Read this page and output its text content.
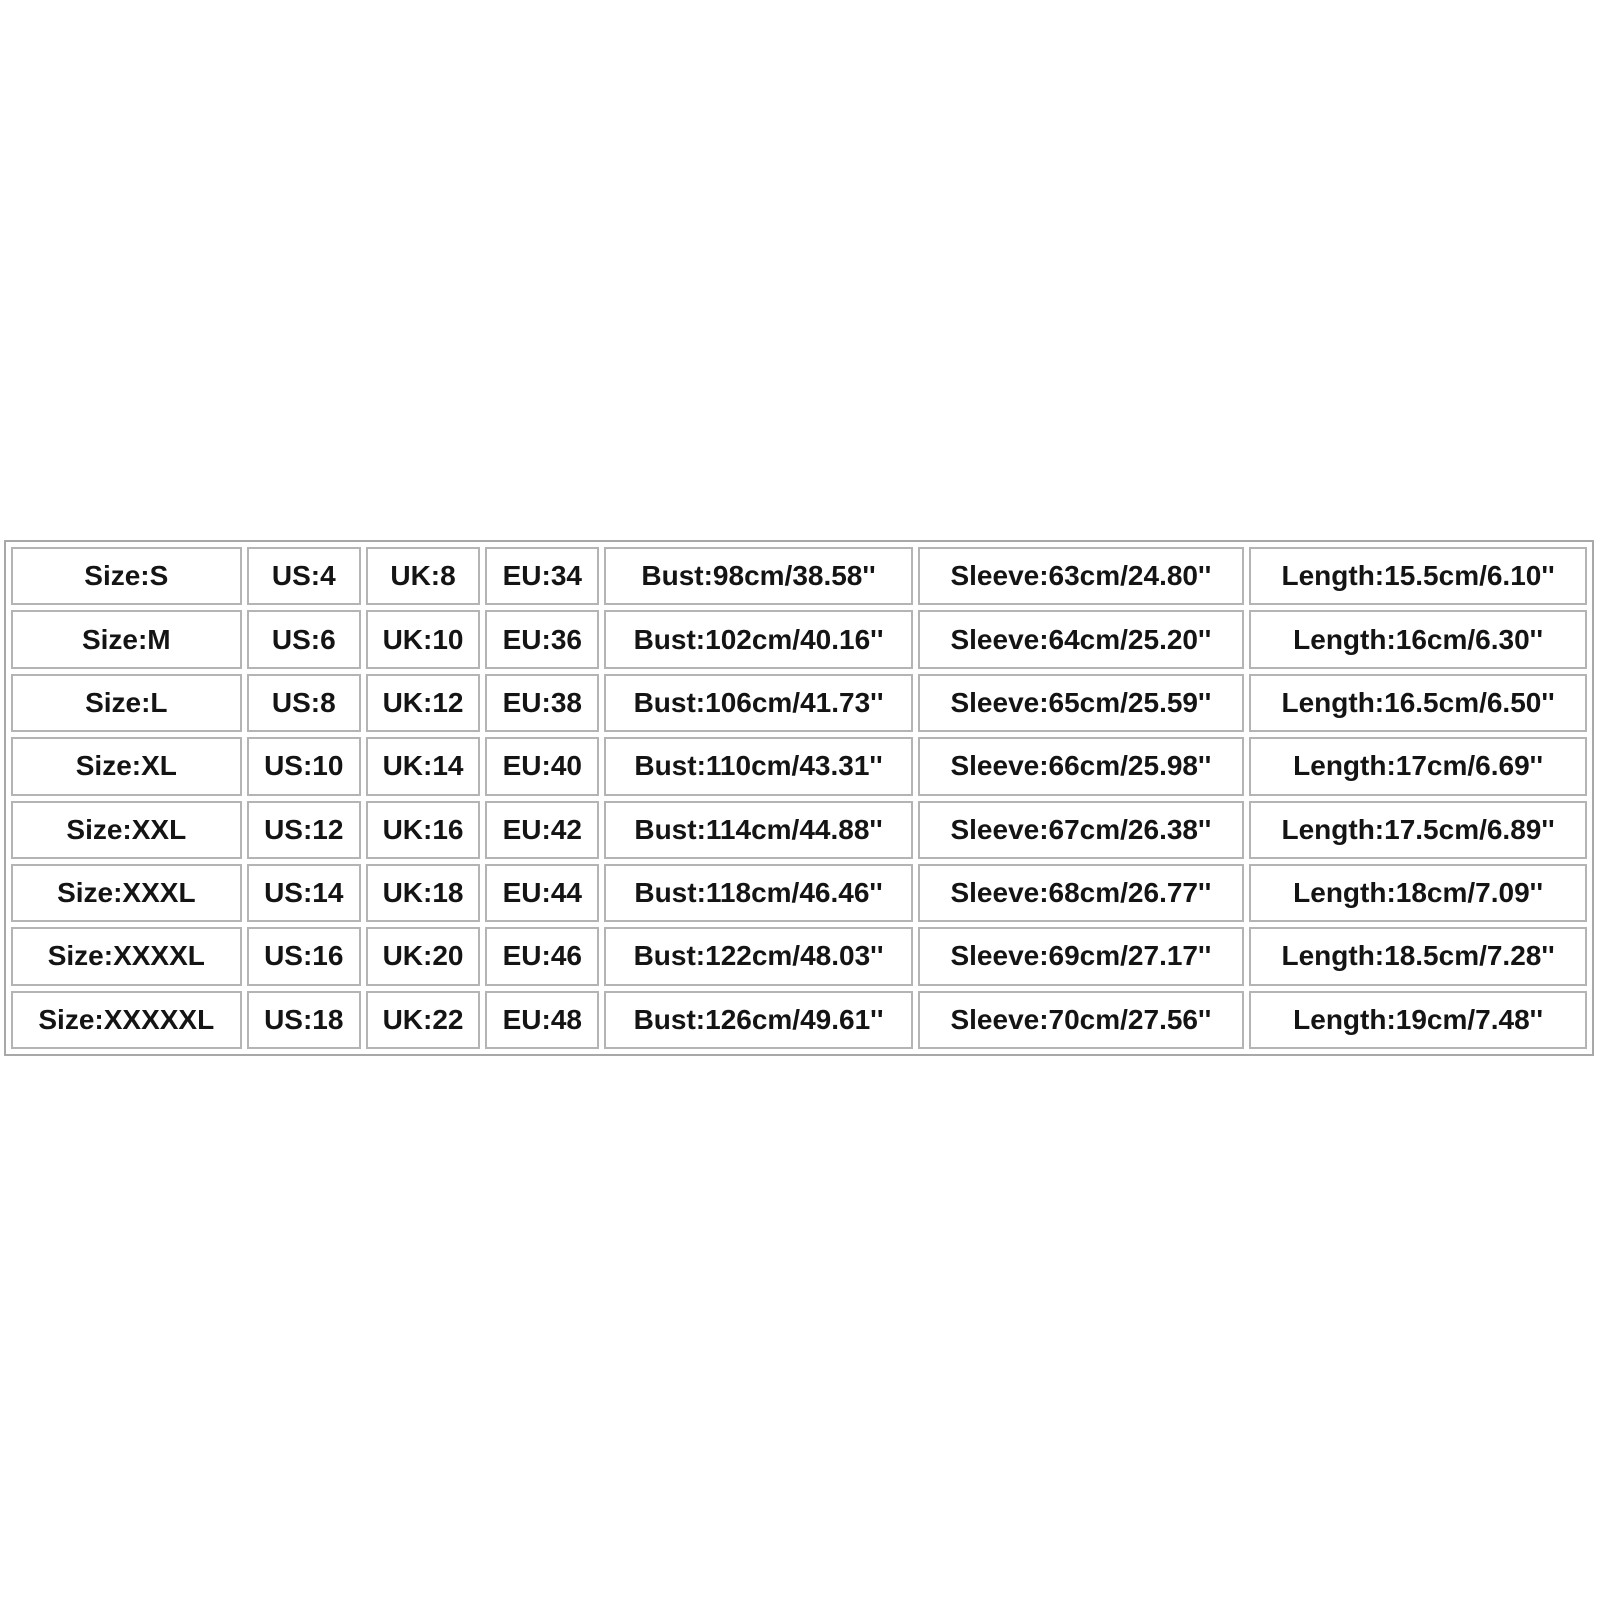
Size:S	US:4	UK:8	EU:34	Bust:98cm/38.58''	Sleeve:63cm/24.80''	Length:15.5cm/6.10''
Size:M	US:6	UK:10	EU:36	Bust:102cm/40.16''	Sleeve:64cm/25.20''	Length:16cm/6.30''
Size:L	US:8	UK:12	EU:38	Bust:106cm/41.73''	Sleeve:65cm/25.59''	Length:16.5cm/6.50''
Size:XL	US:10	UK:14	EU:40	Bust:110cm/43.31''	Sleeve:66cm/25.98''	Length:17cm/6.69''
Size:XXL	US:12	UK:16	EU:42	Bust:114cm/44.88''	Sleeve:67cm/26.38''	Length:17.5cm/6.89''
Size:XXXL	US:14	UK:18	EU:44	Bust:118cm/46.46''	Sleeve:68cm/26.77''	Length:18cm/7.09''
Size:XXXXL	US:16	UK:20	EU:46	Bust:122cm/48.03''	Sleeve:69cm/27.17''	Length:18.5cm/7.28''
Size:XXXXXL	US:18	UK:22	EU:48	Bust:126cm/49.61''	Sleeve:70cm/27.56''	Length:19cm/7.48''
